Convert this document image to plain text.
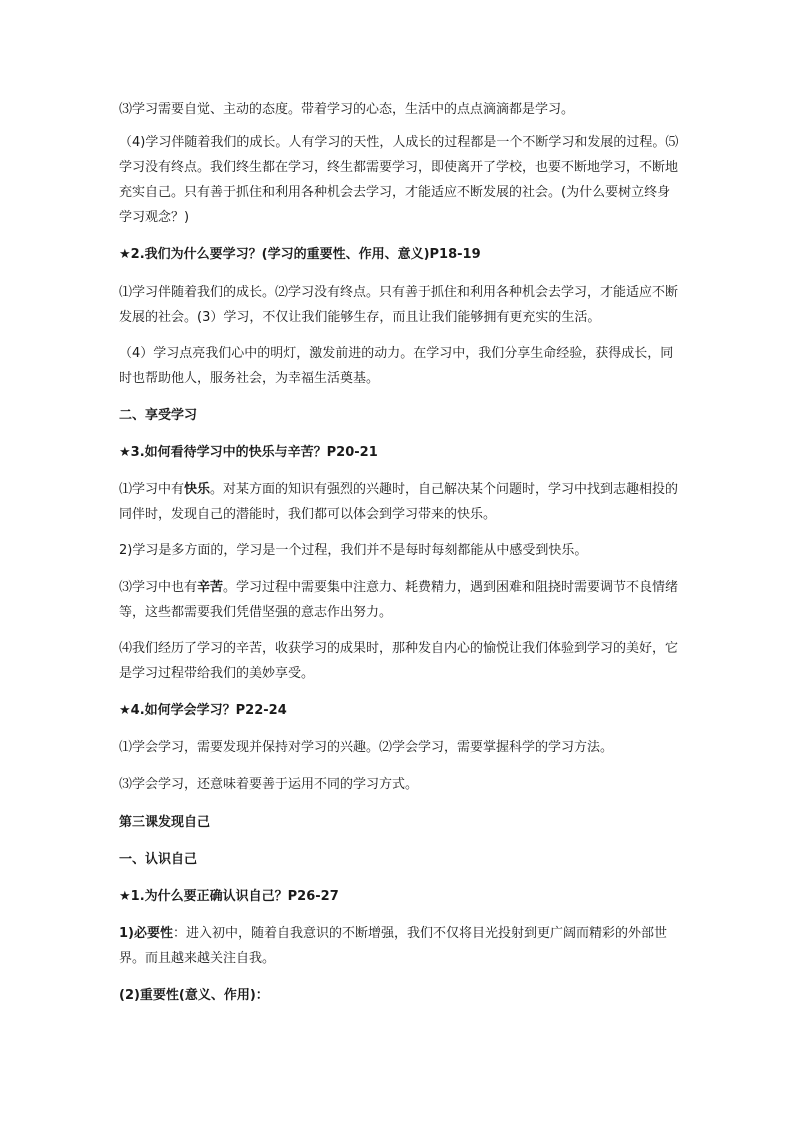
⑶学习需要自觉、主动的态度。带着学习的心态，生活中的点点滴滴都是学习。

（4)学习伴随着我们的成长。人有学习的天性，人成长的过程都是一个不断学习和发展的过程。⑸学习没有终点。我们终生都在学习，终生都需要学习，即使离开了学校，也要不断地学习，不断地充实自己。只有善于抓住和利用各种机会去学习，才能适应不断发展的社会。(为什么要树立终身学习观念？)

★2.我们为什么要学习？(学习的重要性、作用、意义)P18-19

⑴学习伴随着我们的成长。⑵学习没有终点。只有善于抓住和利用各种机会去学习，才能适应不断发展的社会。(3）学习，不仅让我们能够生存，而且让我们能够拥有更充实的生活。

（4）学习点亮我们心中的明灯，激发前进的动力。在学习中，我们分享生命经验，获得成长，同时也帮助他人，服务社会，为幸福生活奠基。

二、享受学习

★3.如何看待学习中的快乐与辛苦？P20-21

⑴学习中有快乐。对某方面的知识有强烈的兴趣时，自己解决某个问题时，学习中找到志趣相投的同伴时，发现自己的潜能时，我们都可以体会到学习带来的快乐。

2)学习是多方面的，学习是一个过程，我们并不是每时每刻都能从中感受到快乐。

⑶学习中也有辛苦。学习过程中需要集中注意力、耗费精力，遇到困难和阻挠时需要调节不良情绪等，这些都需要我们凭借坚强的意志作出努力。

⑷我们经历了学习的辛苦，收获学习的成果时，那种发自内心的愉悦让我们体验到学习的美好，它是学习过程带给我们的美妙享受。

★4.如何学会学习？P22-24

⑴学会学习，需要发现并保持对学习的兴趣。⑵学会学习，需要掌握科学的学习方法。

⑶学会学习，还意味着要善于运用不同的学习方式。

第三课发现自己

一、认识自己

★1.为什么要正确认识自己？P26-27

1)必要性：进入初中，随着自我意识的不断增强，我们不仅将目光投射到更广阔而精彩的外部世界。而且越来越关注自我。

(2)重要性(意义、作用)：
